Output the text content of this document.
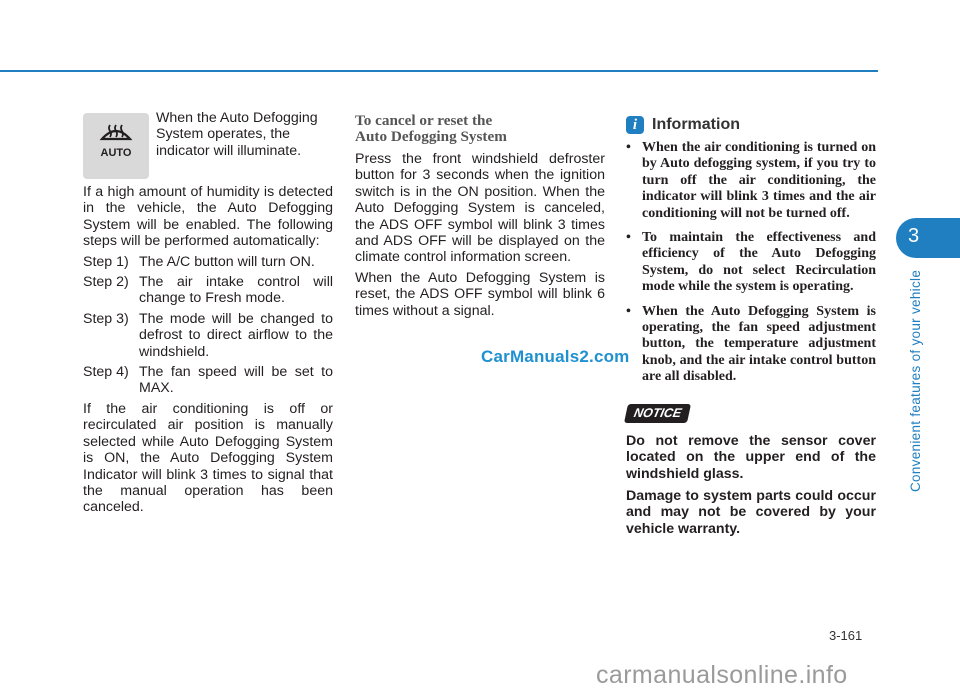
AUTO

When the Auto Defogging System operates, the indicator will illuminate.

If a high amount of humidity is detected in the vehicle, the Auto Defogging System will be enabled. The following steps will be performed automatically:

Step 1) The A/C button will turn ON.
Step 2) The air intake control will change to Fresh mode.
Step 3) The mode will be changed to defrost to direct airflow to the windshield.
Step 4) The fan speed will be set to MAX.

If the air conditioning is off or recirculated air position is manually selected while Auto Defogging System is ON, the Auto Defogging System Indicator will blink 3 times to signal that the manual operation has been canceled.

To cancel or reset the
Auto Defogging System

Press the front windshield defroster button for 3 seconds when the ignition switch is in the ON position. When the Auto Defogging System is canceled, the ADS OFF symbol will blink 3 times and ADS OFF will be displayed on the climate control information screen.

When the Auto Defogging System is reset, the ADS OFF symbol will blink 6 times without a signal.

i Information
• When the air conditioning is turned on by Auto defogging system, if you try to turn off the air conditioning, the indicator will blink 3 times and the air conditioning will not be turned off.
• To maintain the effectiveness and efficiency of the Auto Defogging System, do not select Recirculation mode while the system is operating.
• When the Auto Defogging System is operating, the fan speed adjustment button, the temperature adjustment knob, and the air intake control button are all disabled.
NOTICE

Do not remove the sensor cover located on the upper end of the windshield glass.

Damage to system parts could occur and may not be covered by your vehicle warranty.

CarManuals2.com
3
Convenient features of your vehicle
3-161
carmanualsonline.info
